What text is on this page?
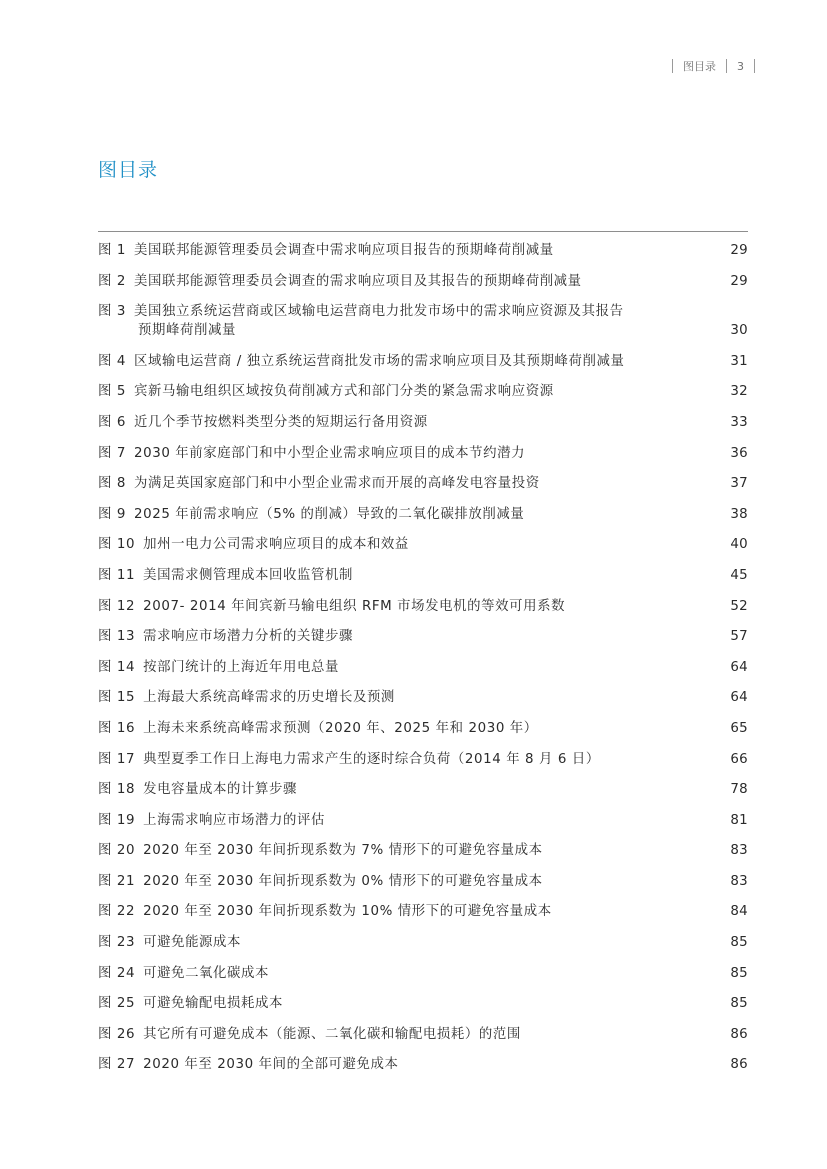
图目录 3
图目录
图 1 美国联邦能源管理委员会调查中需求响应项目报告的预期峰荷削减量	29
图 2 美国联邦能源管理委员会调查的需求响应项目及其报告的预期峰荷削减量	29
图 3 美国独立系统运营商或区域输电运营商电力批发市场中的需求响应资源及其报告
预期峰荷削减量	30
图 4 区域输电运营商 / 独立系统运营商批发市场的需求响应项目及其预期峰荷削减量	31
图 5 宾新马输电组织区域按负荷削减方式和部门分类的紧急需求响应资源	32
图 6 近几个季节按燃料类型分类的短期运行备用资源	33
图 7 2030 年前家庭部门和中小型企业需求响应项目的成本节约潜力	36
图 8 为满足英国家庭部门和中小型企业需求而开展的高峰发电容量投资	37
图 9 2025 年前需求响应（5% 的削减）导致的二氧化碳排放削减量	38
图 10 加州一电力公司需求响应项目的成本和效益	40
图 11 美国需求侧管理成本回收监管机制	45
图 12 2007- 2014 年间宾新马输电组织 RFM 市场发电机的等效可用系数	52
图 13 需求响应市场潜力分析的关键步骤	57
图 14 按部门统计的上海近年用电总量	64
图 15 上海最大系统高峰需求的历史增长及预测	64
图 16 上海未来系统高峰需求预测（2020 年、2025 年和 2030 年）	65
图 17 典型夏季工作日上海电力需求产生的逐时综合负荷（2014 年 8 月 6 日）	66
图 18 发电容量成本的计算步骤	78
图 19 上海需求响应市场潜力的评估	81
图 20 2020 年至 2030 年间折现系数为 7% 情形下的可避免容量成本	83
图 21 2020 年至 2030 年间折现系数为 0% 情形下的可避免容量成本	83
图 22 2020 年至 2030 年间折现系数为 10% 情形下的可避免容量成本	84
图 23 可避免能源成本	85
图 24 可避免二氧化碳成本	85
图 25 可避免输配电损耗成本	85
图 26 其它所有可避免成本（能源、二氧化碳和输配电损耗）的范围	86
图 27 2020 年至 2030 年间的全部可避免成本	86
